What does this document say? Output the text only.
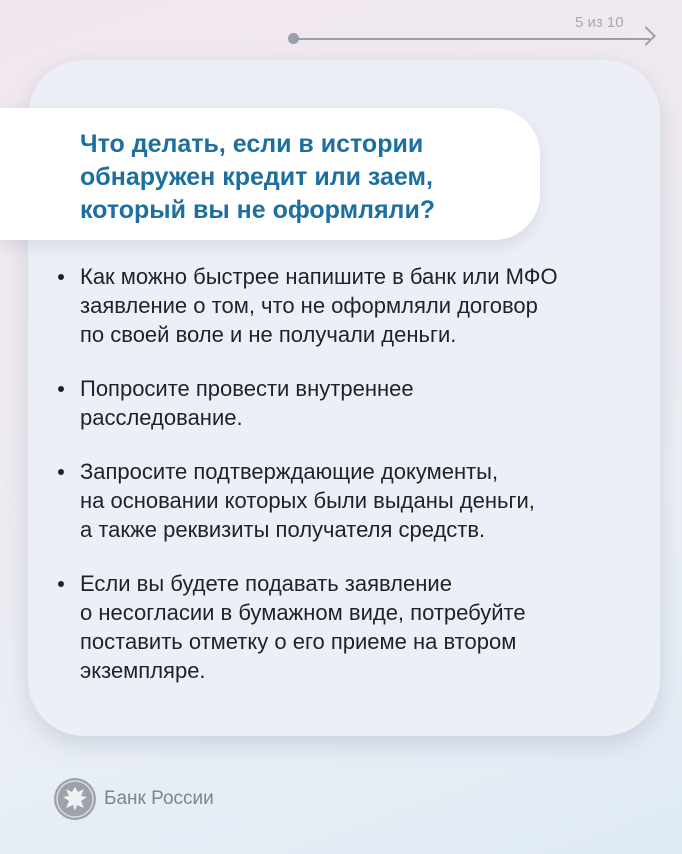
5 из 10
Что делать, если в истории
обнаружен кредит или заем,
который вы не оформляли?
Как можно быстрее напишите в банк или МФО
заявление о том, что не оформляли договор
по своей воле и не получали деньги.
Попросите провести внутреннее
расследование.
Запросите подтверждающие документы,
на основании которых были выданы деньги,
а также реквизиты получателя средств.
Если вы будете подавать заявление
о несогласии в бумажном виде, потребуйте
поставить отметку о его приеме на втором
экземпляре.
Банк России
